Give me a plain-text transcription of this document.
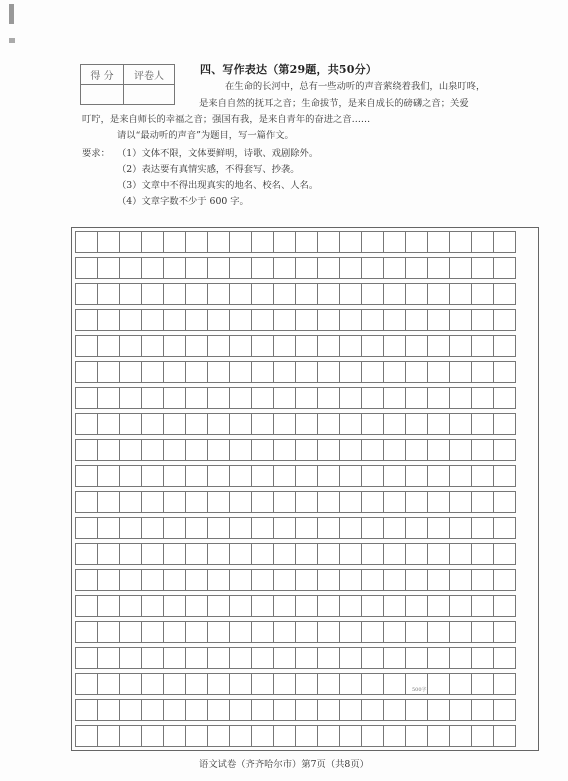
得 分	评卷人

四、写作表达（第29题，共50分）
在生命的长河中，总有一些动听的声音萦绕着我们，山泉叮咚，
是来自自然的抚耳之音；生命拔节，是来自成长的磅礴之音；关爱
叮咛，是来自师长的幸福之音；强国有我，是来自青年的奋进之音……
请以“最动听的声音”为题目，写一篇作文。
要求： （1）文体不限，文体要鲜明，诗歌、戏剧除外。
（2）表达要有真情实感，不得套写、抄袭。
（3）文章中不得出现真实的地名、校名、人名。
（4）文章字数不少于 600 字。
500字
语文试卷（齐齐哈尔市）第7页（共8页）
